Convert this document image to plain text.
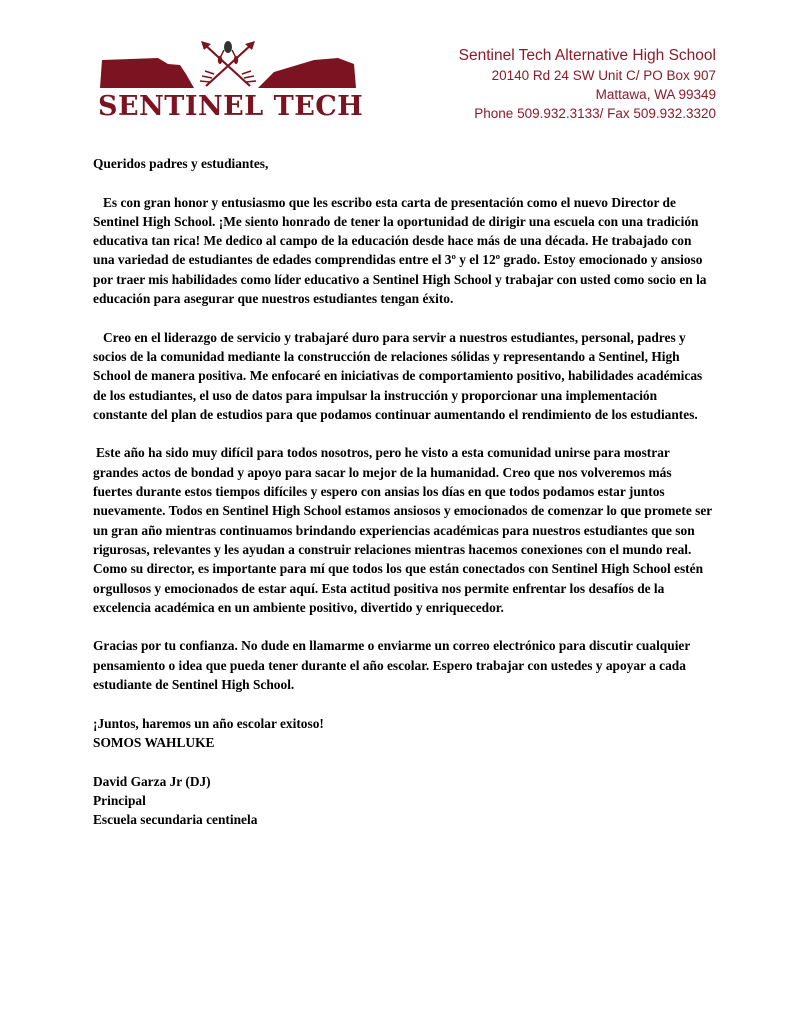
SENTINEL TECH
Sentinel Tech Alternative High School
20140 Rd 24 SW Unit C/ PO Box 907
Mattawa, WA 99349
Phone 509.932.3133/ Fax 509.932.3320

Queridos padres y estudiantes,

Es con gran honor y entusiasmo que les escribo esta carta de presentación como el nuevo Director de Sentinel High School. ¡Me siento honrado de tener la oportunidad de dirigir una escuela con una tradición educativa tan rica! Me dedico al campo de la educación desde hace más de una década. He trabajado con una variedad de estudiantes de edades comprendidas entre el 3º y el 12º grado. Estoy emocionado y ansioso por traer mis habilidades como líder educativo a Sentinel High School y trabajar con usted como socio en la educación para asegurar que nuestros estudiantes tengan éxito.

Creo en el liderazgo de servicio y trabajaré duro para servir a nuestros estudiantes, personal, padres y socios de la comunidad mediante la construcción de relaciones sólidas y representando a Sentinel, High School de manera positiva. Me enfocaré en iniciativas de comportamiento positivo, habilidades académicas de los estudiantes, el uso de datos para impulsar la instrucción y proporcionar una implementación constante del plan de estudios para que podamos continuar aumentando el rendimiento de los estudiantes.

Este año ha sido muy difícil para todos nosotros, pero he visto a esta comunidad unirse para mostrar grandes actos de bondad y apoyo para sacar lo mejor de la humanidad. Creo que nos volveremos más fuertes durante estos tiempos difíciles y espero con ansias los días en que todos podamos estar juntos nuevamente. Todos en Sentinel High School estamos ansiosos y emocionados de comenzar lo que promete ser un gran año mientras continuamos brindando experiencias académicas para nuestros estudiantes que son rigurosas, relevantes y les ayudan a construir relaciones mientras hacemos conexiones con el mundo real. Como su director, es importante para mí que todos los que están conectados con Sentinel High School estén orgullosos y emocionados de estar aquí. Esta actitud positiva nos permite enfrentar los desafíos de la excelencia académica en un ambiente positivo, divertido y enriquecedor.

Gracias por tu confianza. No dude en llamarme o enviarme un correo electrónico para discutir cualquier pensamiento o idea que pueda tener durante el año escolar. Espero trabajar con ustedes y apoyar a cada estudiante de Sentinel High School.

¡Juntos, haremos un año escolar exitoso!

SOMOS WAHLUKE

David Garza Jr (DJ)

Principal

Escuela secundaria centinela
